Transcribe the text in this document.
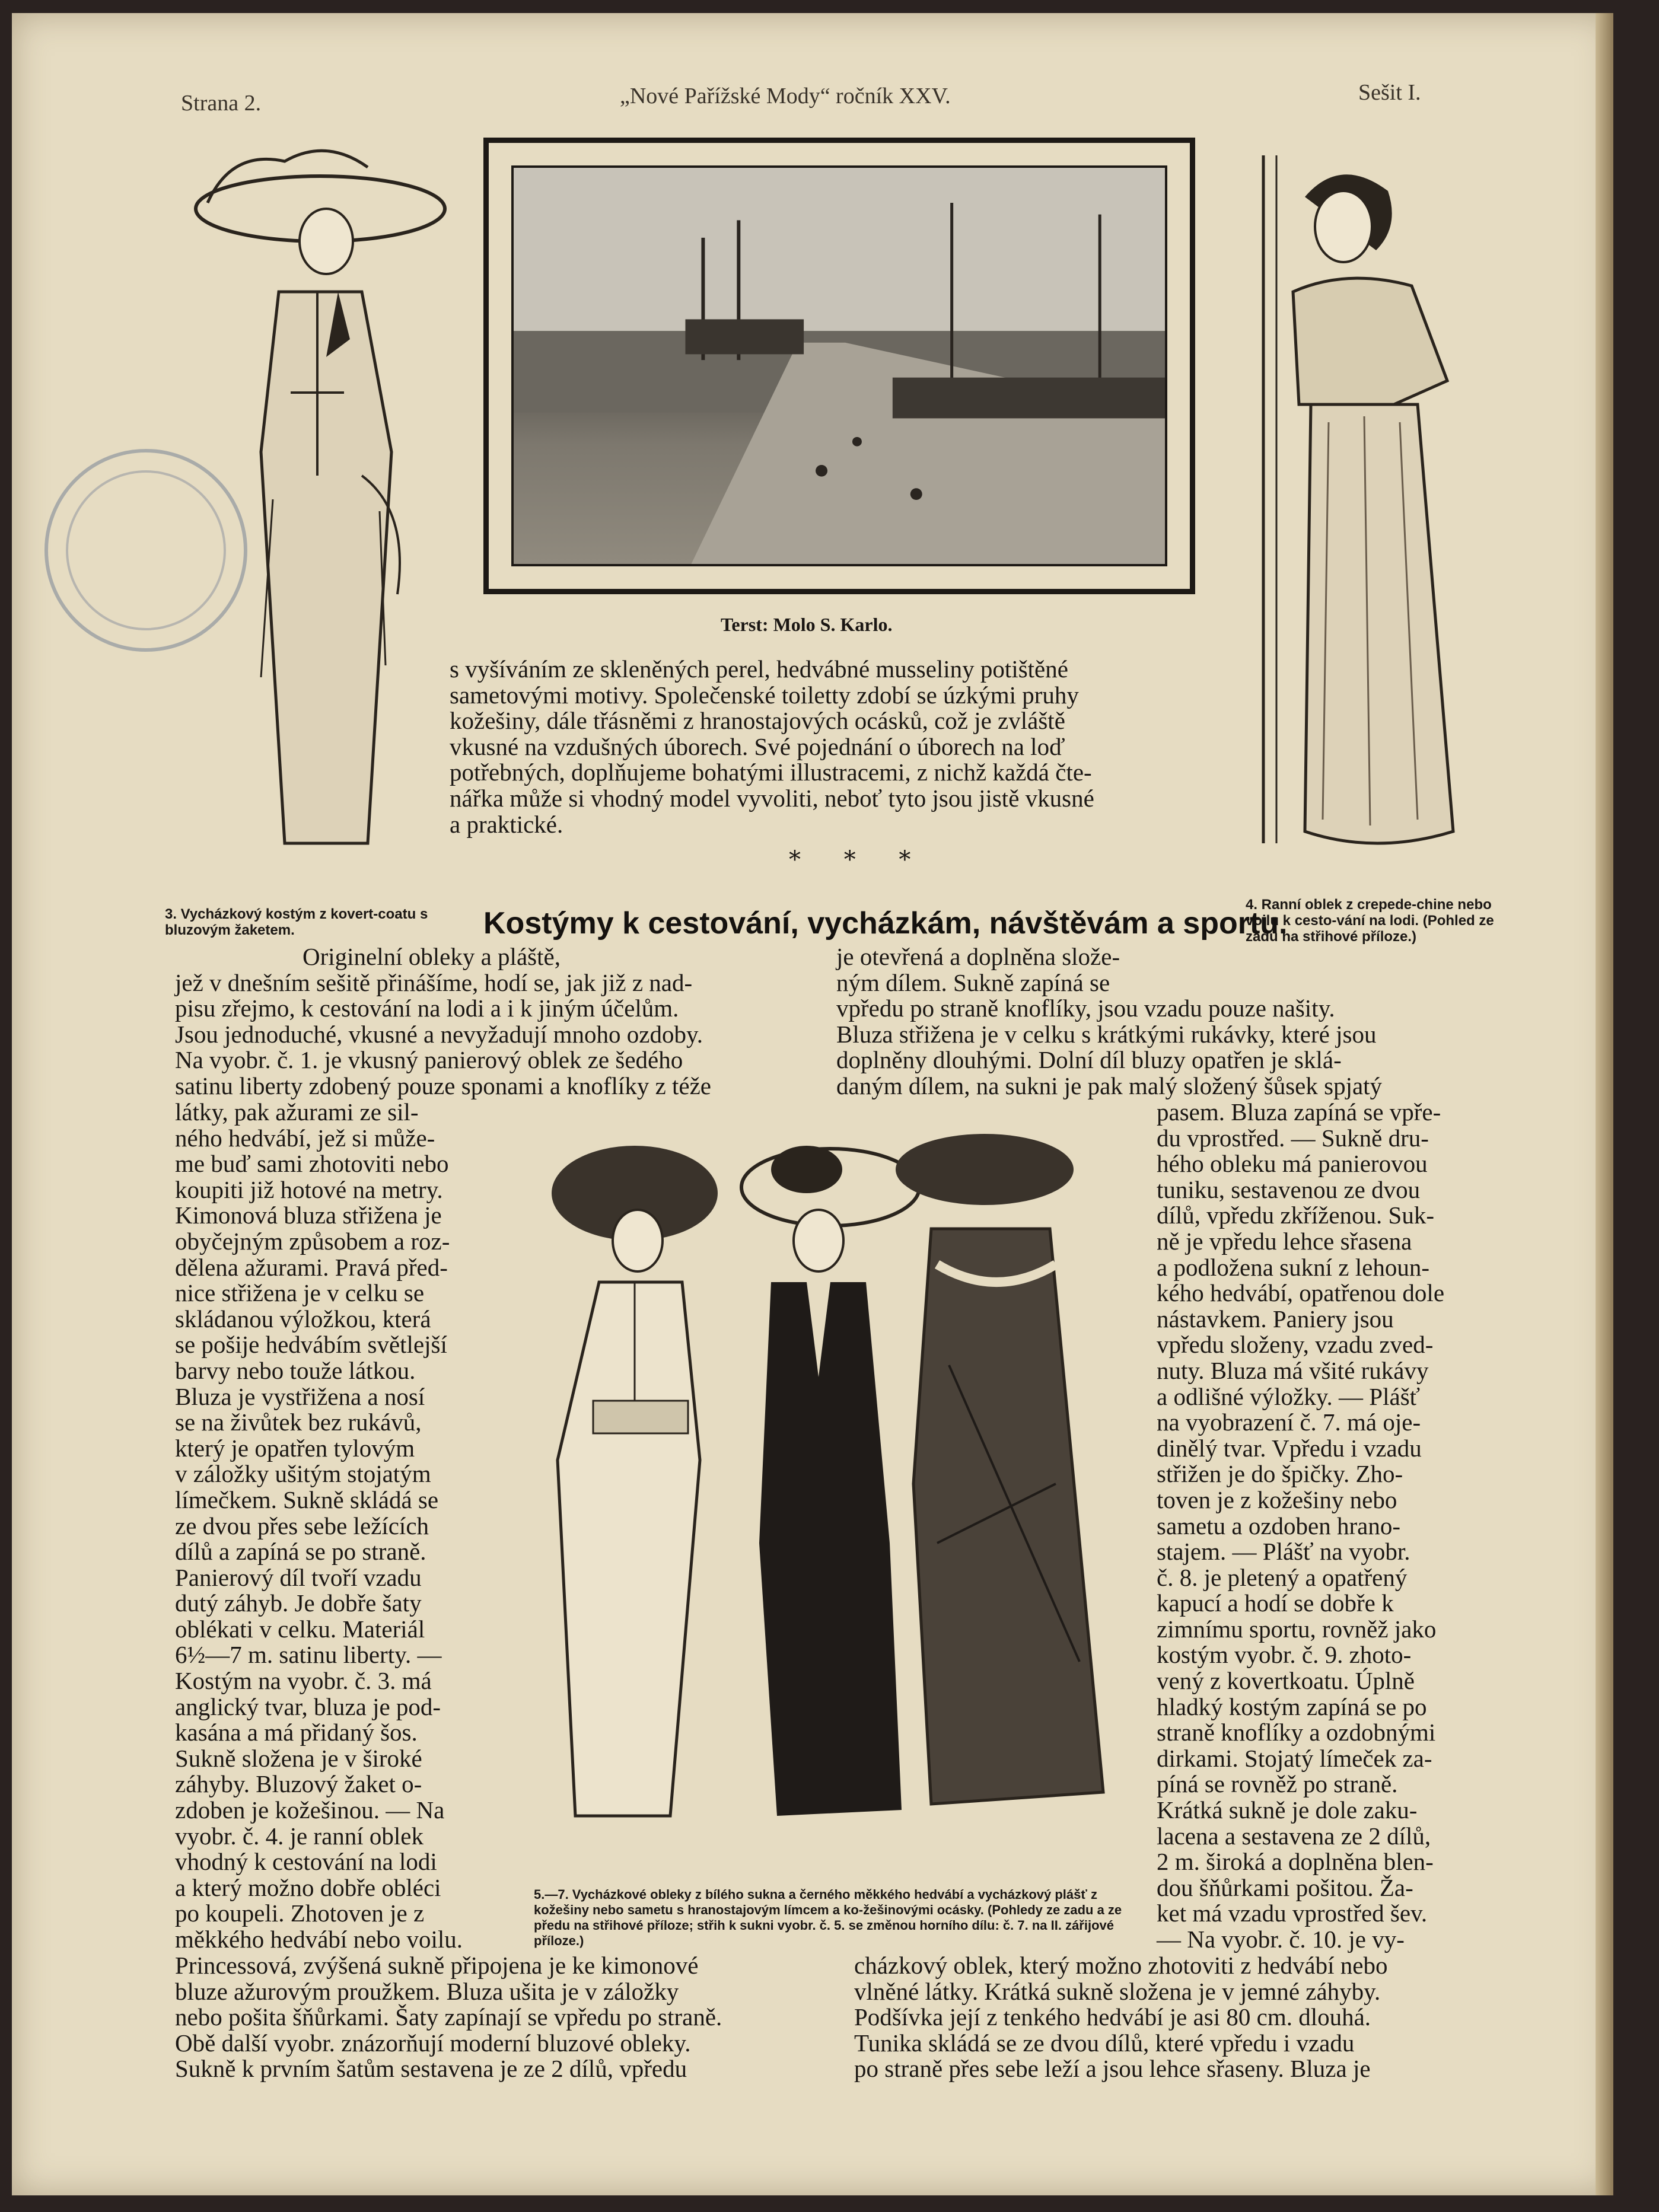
Strana 2.	„Nové Pařížské Mody“ ročník XXV.	Sešit I.
Terst: Molo S. Karlo.
s vyšíváním ze skleněných perel, hedvábné musseliny potištěné
sametovými motivy. Společenské toiletty zdobí se úzkými pruhy
kožešiny, dále třásněmi z hranostajových ocásků, což je zvláště
vkusné na vzdušných úborech. Své pojednání o úborech na loď
potřebných, doplňujeme bohatými illustracemi, z nichž každá čte-
nářka může si vhodný model vyvoliti, neboť tyto jsou jistě vkusné
a praktické.
* * *
3. Vycházkový kostým z kovert-coatu s bluzovým žaketem.
4. Ranní oblek z crepede-chine nebo voilu k cesto-vání na lodi. (Pohled ze zadu na střihové příloze.)
Kostýmy k cestování, vycházkám, návštěvám a sportu.
Originelní obleky a pláště,
jež v dnešním sešitě přinášíme, hodí se, jak již z nad-
pisu zřejmo, k cestování na lodi a i k jiným účelům.
Jsou jednoduché, vkusné a nevyžadují mnoho ozdoby.
Na vyobr. č. 1. je vkusný panierový oblek ze šedého
satinu liberty zdobený pouze sponami a knoflíky z téže
látky, pak ažurami ze sil-
ného hedvábí, jež si může-
me buď sami zhotoviti nebo
koupiti již hotové na metry.
Kimonová bluza střižena je
obyčejným způsobem a roz-
dělena ažurami. Pravá před-
nice střižena je v celku se
skládanou výložkou, která
se pošije hedvábím světlejší
barvy nebo touže látkou.
Bluza je vystřižena a nosí
se na živůtek bez rukávů,
který je opatřen tylovým
v záložky ušitým stojatým
límečkem. Sukně skládá se
ze dvou přes sebe ležících
dílů a zapíná se po straně.
Panierový díl tvoří vzadu
dutý záhyb. Je dobře šaty
oblékati v celku. Materiál
6½—7 m. satinu liberty. —
Kostým na vyobr. č. 3. má
anglický tvar, bluza je pod-
kasána a má přidaný šos.
Sukně složena je v široké
záhyby. Bluzový žaket o-
zdoben je kožešinou. — Na
vyobr. č. 4. je ranní oblek
vhodný k cestování na lodi
a který možno dobře obléci
po koupeli. Zhotoven je z
měkkého hedvábí nebo voilu.
Princessová, zvýšená sukně připojena je ke kimonové
bluze ažurovým proužkem. Bluza ušita je v záložky
nebo pošita šňůrkami. Šaty zapínají se vpředu po straně.
Obě další vyobr. znázorňují moderní bluzové obleky.
Sukně k prvním šatům sestavena je ze 2 dílů, vpředu
je otevřená a doplněna slože-
ným dílem. Sukně zapíná se
vpředu po straně knoflíky, jsou vzadu pouze našity.
Bluza střižena je v celku s krátkými rukávky, které jsou
doplněny dlouhými. Dolní díl bluzy opatřen je sklá-
daným dílem, na sukni je pak malý složený šůsek spjatý
pasem. Bluza zapíná se vpře-
du vprostřed. — Sukně dru-
hého obleku má panierovou
tuniku, sestavenou ze dvou
dílů, vpředu zkříženou. Suk-
ně je vpředu lehce sřasena
a podložena sukní z lehoun-
kého hedvábí, opatřenou dole
nástavkem. Paniery jsou
vpředu složeny, vzadu zved-
nuty. Bluza má všité rukávy
a odlišné výložky. — Plášť
na vyobrazení č. 7. má oje-
dinělý tvar. Vpředu i vzadu
střižen je do špičky. Zho-
toven je z kožešiny nebo
sametu a ozdoben hrano-
stajem. — Plášť na vyobr.
č. 8. je pletený a opatřený
kapucí a hodí se dobře k
zimnímu sportu, rovněž jako
kostým vyobr. č. 9. zhoto-
vený z kovertkoatu. Úplně
hladký kostým zapíná se po
straně knoflíky a ozdobnými
dirkami. Stojatý límeček za-
píná se rovněž po straně.
Krátká sukně je dole zaku-
lacena a sestavena ze 2 dílů,
2 m. široká a doplněna blen-
dou šňůrkami pošitou. Ža-
ket má vzadu vprostřed šev.
— Na vyobr. č. 10. je vy-
cházkový oblek, který možno zhotoviti z hedvábí nebo
vlněné látky. Krátká sukně složena je v jemné záhyby.
Podšívka její z tenkého hedvábí je asi 80 cm. dlouhá.
Tunika skládá se ze dvou dílů, které vpředu i vzadu
po straně přes sebe leží a jsou lehce sřaseny. Bluza je
5.—7. Vycházkové obleky z bílého sukna a černého měkkého hedvábí a vycházkový plášť z kožešiny nebo sametu s hranostajovým límcem a ko-žešinovými ocásky. (Pohledy ze zadu a ze předu na střihové příloze; střih k sukni vyobr. č. 5. se změnou horního dílu: č. 7. na II. zářijové příloze.)
